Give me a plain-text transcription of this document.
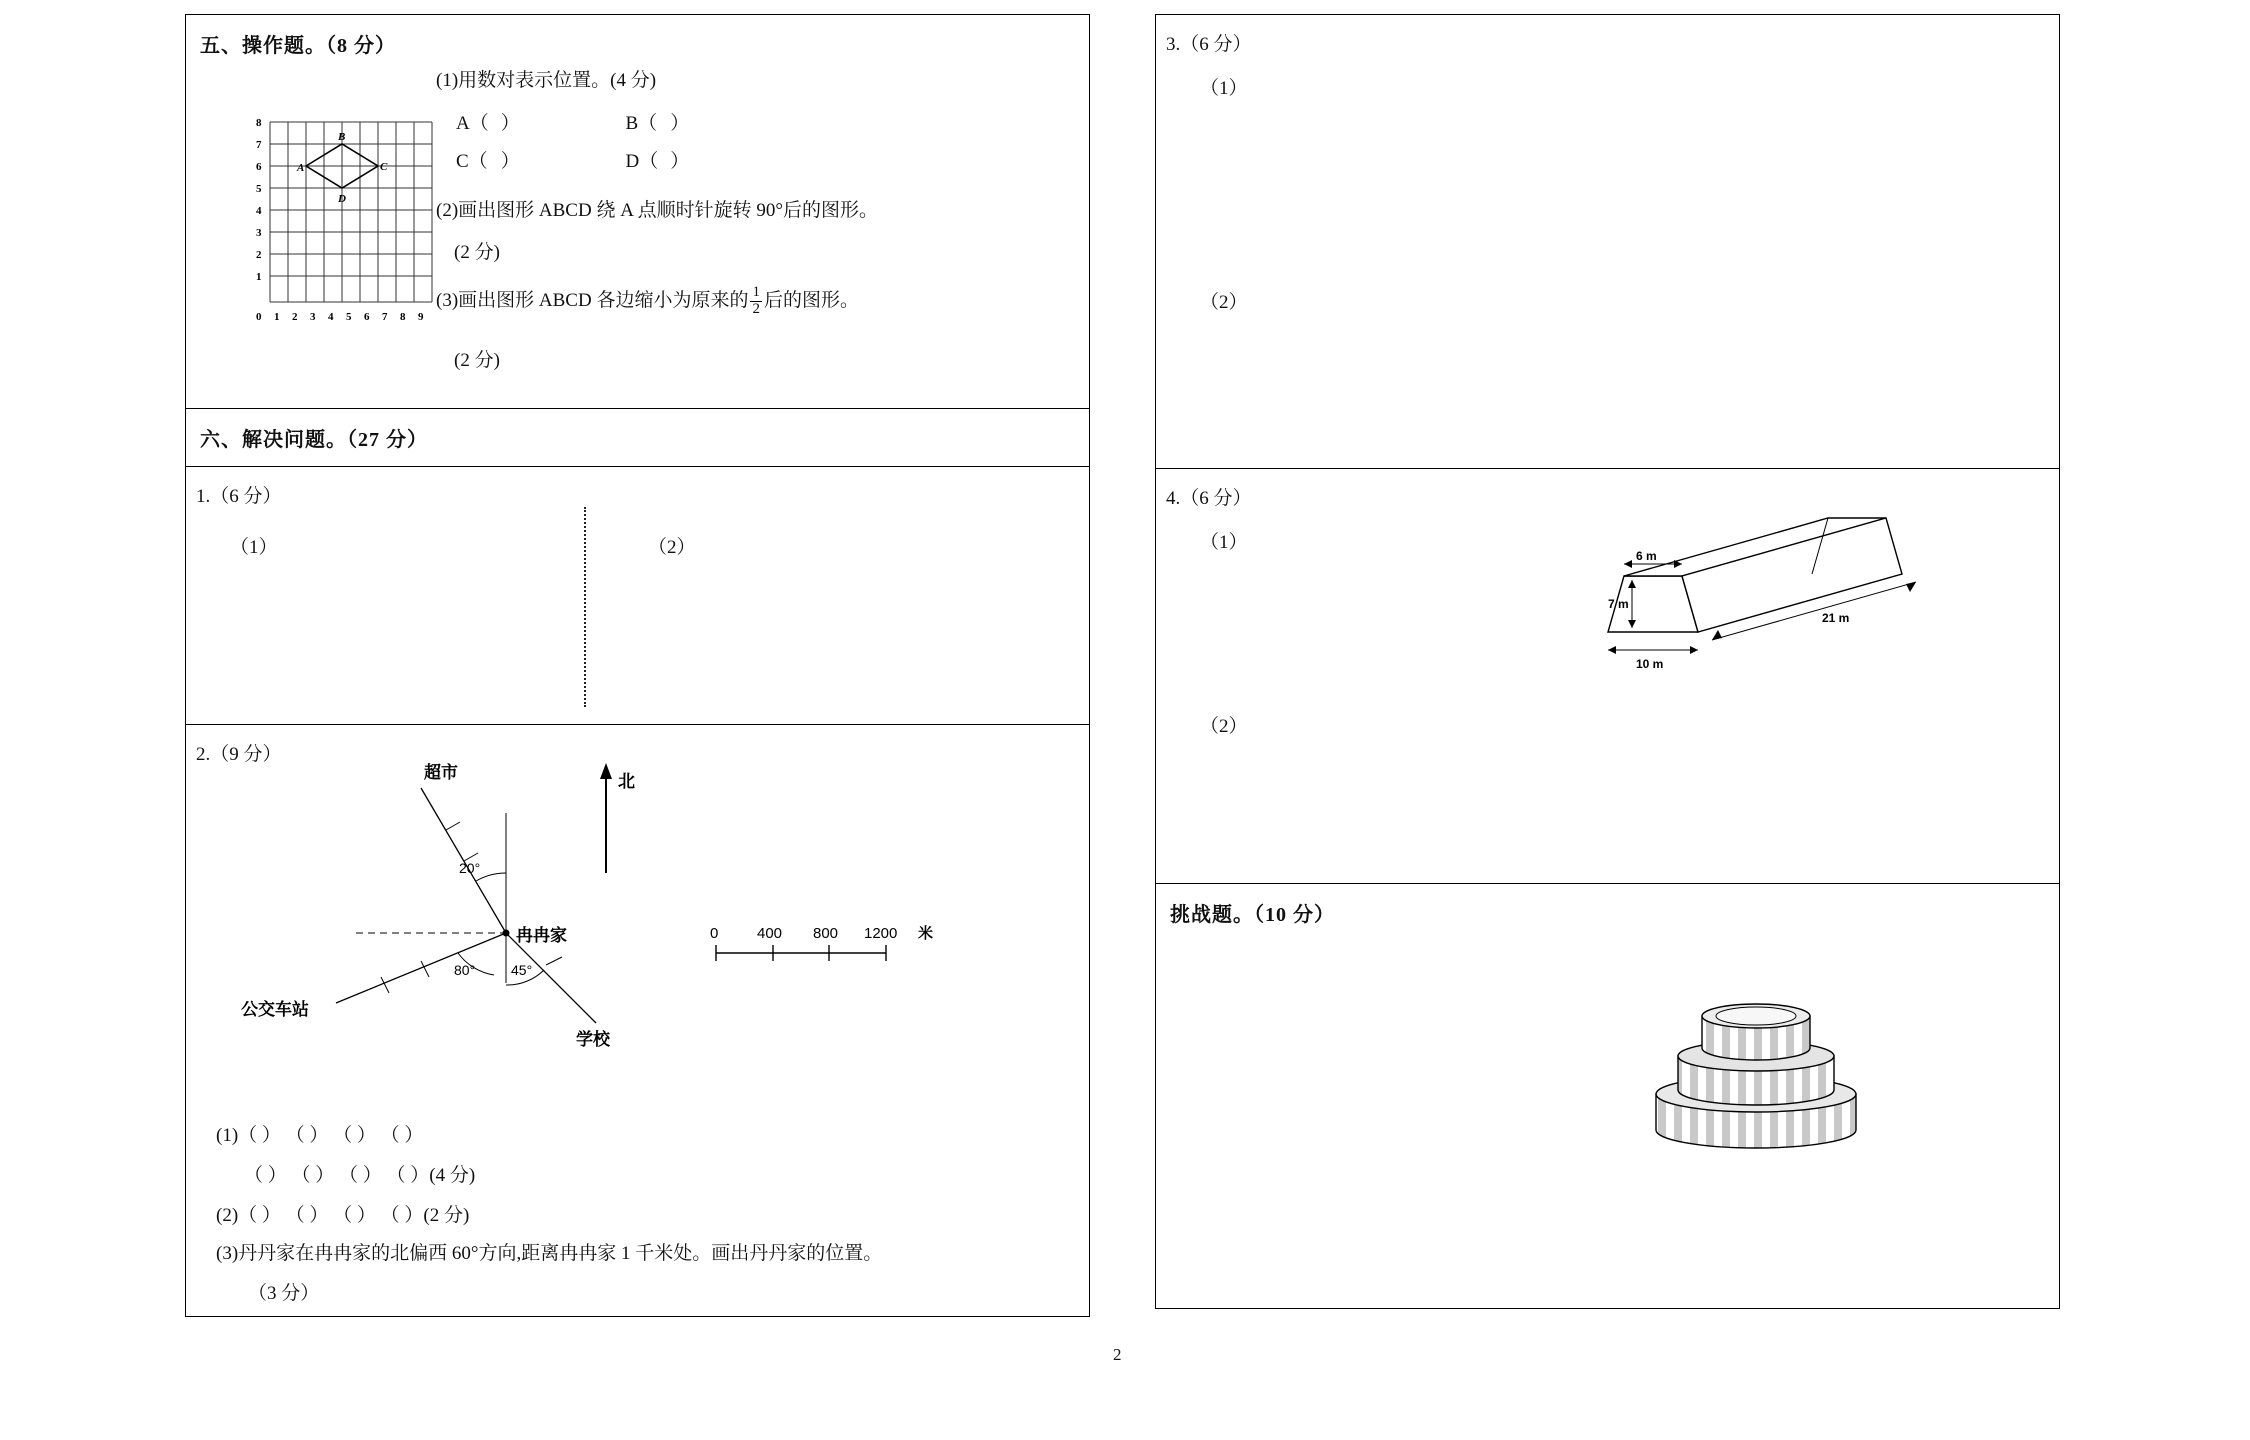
五、操作题。（8 分）
A
B
C
D
8
7
6
5
4
3
2
1
0 1 2 3 4 5 6 7 8 9
(1)用数对表示位置。(4 分)
A（ ）	B（ ）
C（ ）	D（ ）
(2)画出图形 ABCD 绕 A 点顺时针旋转 90°后的图形。
(2 分)
(3)画出图形 ABCD 各边缩小为原来的 $\frac{1}{2}$ 后的图形。
(2 分)
六、解决问题。（27 分）
1.（6 分）
（1）	（2）
2.（9 分）
北
超市
20°
公交车站
80°
学校
45°
冉冉家	0	400 800 1200 米
(1)（ ） （ ） （ ） （ ）
（ ） （ ） （ ） （ ）(4 分)
(2)（ ） （ ） （ ） （ ）(2 分)
(3)丹丹家在冉冉家的北偏西 60°方向,距离冉冉家 1 千米处。画出丹丹家的位置。
（3 分）
3.（6 分）
（1）
（2）
4.（6 分）
（1）
（2）
6 m
7 m
10 m
21 m
挑战题。（10 分）
2
